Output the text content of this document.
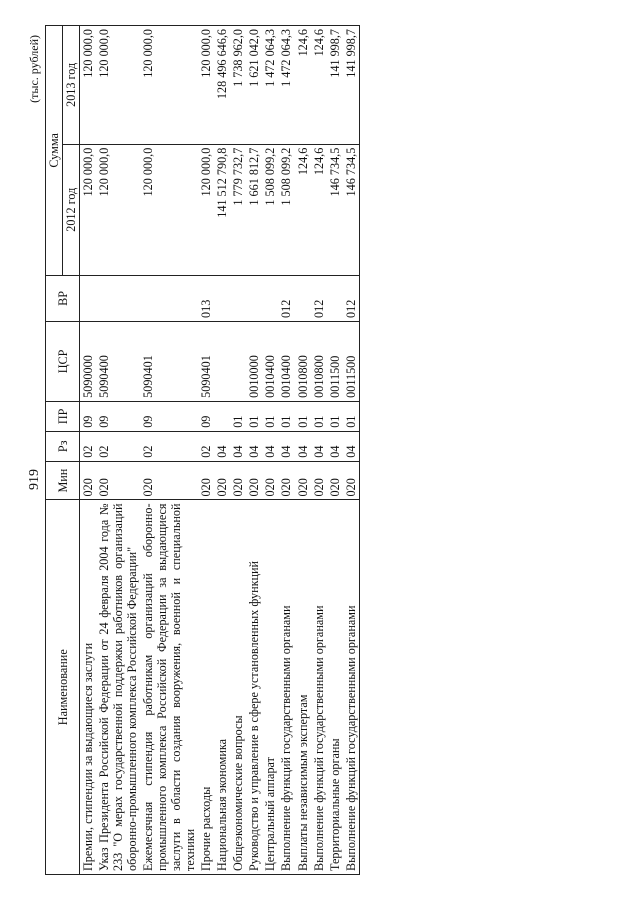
919
(тыс. рублей)
Наименование	Мин	Рз	ПР	ЦСР	ВР	Сумма	
						2012 год	2013 год
Премии, стипендии за выдающиеся заслуги	020	02	09	5090000		120 000,0	120 000,0
Указ Президента Российской Федерации от 24 февраля 2004 года № 233 "О мерах государственной поддержки работников организаций оборонно-промышленного комплекса Российской Федерации"	020	02	09	5090400		120 000,0	120 000,0
Ежемесячная стипендия работникам организаций оборонно-промышленного комплекса Российской Федерации за выдающиеся заслуги в области создания вооружения, военной и специальной техники	020	02	09	5090401		120 000,0	120 000,0
Прочие расходы	020	02	09	5090401	013	120 000,0	120 000,0
Национальная экономика	020	04				141 512 790,8	128 496 646,6
Общеэкономические вопросы	020	04	01			1 779 732,7	1 738 962,0
Руководство и управление в сфере установленных функций	020	04	01	0010000		1 661 812,7	1 621 042,0
Центральный аппарат	020	04	01	0010400		1 508 099,2	1 472 064,3
Выполнение функций государственными органами	020	04	01	0010400	012	1 508 099,2	1 472 064,3
Выплаты независимым экспертам	020	04	01	0010800		124,6	124,6
Выполнение функций государственными органами	020	04	01	0010800	012	124,6	124,6
Территориальные органы	020	04	01	0011500		146 734,5	141 998,7
Выполнение функций государственными органами	020	04	01	0011500	012	146 734,5	141 998,7
